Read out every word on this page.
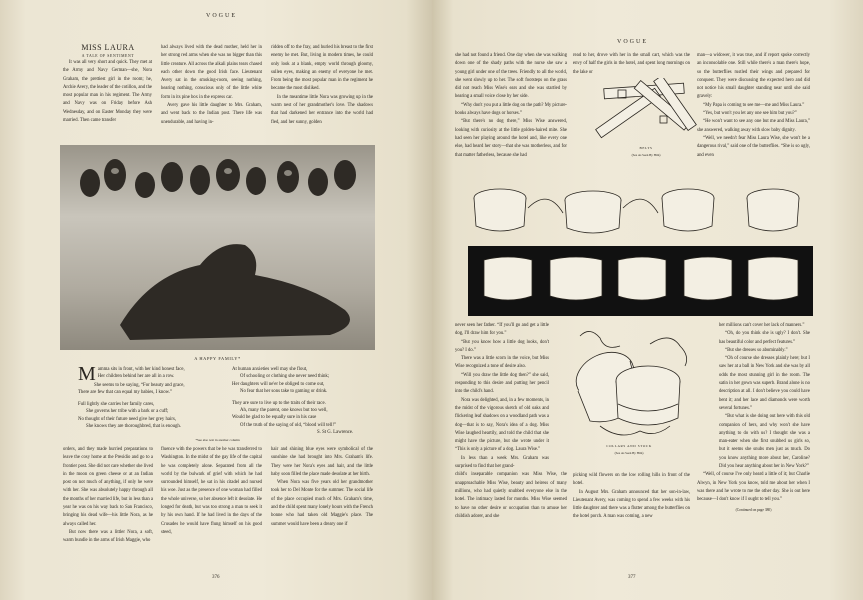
VOGUE
MISS LAURA
A TALE OF SENTIMENT

It was all very short and quick. They met at the Army and Navy German—she, Nora Graham, the prettiest girl in the room; he, Archie Avery, the leader of the cotillon, and the most popular man in his regiment. The Army and Navy was on Friday before Ash Wednesday, and on Easter Monday they were married. Then came transfer

had always lived with the dead mother, held her in her strong red arms when she was no bigger than this little creature. All across the alkali plains tears chased each other down the good Irish face. Lieutenant Avery sat in the smoking-room, seeing nothing, hearing nothing, conscious only of the little white form in its pine box in the express car.

Avery gave his little daughter to Mrs. Graham, and went back to the Indian post. There life was unendurable, and having in-

ridden off to the fray, and hurled his breast to the first enemy he met. But, living in modern times, he could only look at a blank, empty world through gloomy, sullen eyes, making an enemy of everyone he met. From being the most popular man in the regiment he became the most disliked.

In the meantime little Nora was growing up in the warm nest of her grandmother's love. The shadows that had darkened her entrance into the world had fled, and her sunny, golden

A HAPPY FAMILY*
M amma sits in front, with her kind honest face,
Her children behind her are all in a row.
She seems to be saying, “For beauty and grace,
There are few that can equal my babies, I know.”
Full lightly she carries her family cares,
She governs her tribe with a bark or a cuff;
No thought of their future need give her grey hairs,
She knows they are thoroughbred, that is enough.
At human anxieties well may she flout,
Of schooling or clothing she never need think;
Her daughters will ne'er be obliged to come out,
No fear that her sons take to gaming or drink.
They are sure to live up to the traits of their race.
Ah, many the parent, one knows but too well,
Would be glad to be equally sure in his case
Of the truth of the saying of old, “blood will tell!”
S. St G. Lawrence.
*See also text in another column

orders, and they made hurried preparations to leave the cosy home at the Presidio and go to a frontier post. She did not care whether she lived in the moon on green cheese or at an Indian post on not much of anything, if only he were with her. She was absolutely happy through all the months of her married life, but in less than a year he was on his way back to San Francisco, bringing his dead wife—his little Nora, as he always called her.

But now there was a littler Nora, a soft, warm bundle in the arms of Irish Maggie, who

fluence with the powers that be he was transferred to Washington. In the midst of the gay life of the capital he was completely alone. Separated from all the world by the bulwark of grief with which he had surrounded himself, he sat in his citadel and nursed his woe. Just as the presence of one woman had filled the whole universe, so her absence left it desolate. He longed for death, but was too strong a man to seek it by his own hand. If he had lived in the days of the Crusades he would have flung himself on his good steed,

hair and shining blue eyes were symbolical of the sunshine she had brought into Mrs. Graham's life. They were her Nora's eyes and hair, and the little baby soon filled the place made desolate at her birth.

When Nora was five years old her grandmother took her to Del Monte for the summer. The social life of the place occupied much of Mrs. Graham's time, and the child spent many lonely hours with the French bonne who had taken old Maggie's place. The summer would have been a dreary one if

376
VOGUE

she had not found a friend. One day when she was walking down one of the shady paths with the nurse she saw a young girl under one of the trees. Friendly to all the world, she went slowly up to her. The soft footsteps on the grass did not reach Miss Wise's ears and she was startled by hearing a small voice close by her side.

“Why don't you put a little dog on the path? My picture-books always have dogs or horses.”

“But there's no dog there,” Miss Wise answered, looking with curiosity at the little golden-haired mite. She had seen her playing around the hotel and, like every one else, had heard her story—that she was motherless, and for that matter fatherless, because she had

read to her, drove with her in the small cart, which was the envy of half the girls in the hotel, and spent long mornings on the lake or

man—a widower, it was true, and if report spoke correctly an inconsolable one. Still while there's a man there's hope, so the butterflies rustled their wings and prepared for conquest. They were discussing the expected hero and did not notice his small daughter standing near until she said gravely:

“My Papa is coming to see me—me and Miss Laura.”

“Yes, but won't you let any one see him but you?”

“He won't want to see any one but me and Miss Laura,” she answered, walking away with slow baby dignity.

“Well, we needn't fear Miss Laura Wise, she won't be a dangerous rival,” said one of the butterflies. “She is so ugly, and even

BELTS
(See As Seen By Him)

never seen her father. “If you'll go and get a little dog, I'll draw him for you.”

“But you know how a little dog looks, don't you? I do.”

There was a little scorn in the voice, but Miss Wise recognized a tone of desire also.

“Will you draw the little dog then?” she said, responding to this desire and putting her pencil into the child's hand.

Nora was delighted, and, in a few moments, in the midst of the vigorous sketch of old oaks and flickering leaf shadows on a woodland path was a dog—that is to say, Nora's idea of a dog. Miss Wise laughed heartily, and told the child that she might have the picture, but she wrote under it “This is only a picture of a dog. Laura Wise.”

In less than a week Mrs. Graham was surprised to find that her grand-

child's inseparable companion was Miss Wise, the unapproachable Miss Wise, beauty and heiress of many millions, who had quietly snubbed everyone else in the hotel. The intimacy lasted for months. Miss Wise seemed to have no other desire or occupation than to amuse her childish adorer, and she

COLLARS AND STOCK
(See As Seen By Him)

picking wild flowers on the low rolling hills in front of the hotel.

In August Mrs. Graham announced that her son-in-law, Lieutenant Avery, was coming to spend a few weeks with his little daughter and there was a flutter among the butterflies on the hotel porch. A man was coming, a new

her millions can't cover her lack of manners.”

“Oh, do you think she is ugly? I don't. She has beautiful color and perfect features.”

“But she dresses so abominably.”

“Oh of course she dresses plainly here; but I saw her at a ball in New York and she was by all odds the most stunning girl in the room. The satin in her gown was superb. Brand alone is no description at all. I don't believe you could have bent it; and her lace and diamonds were worth several fortunes.”

“But what is she doing out here with this old companion of hers, and why won't she have anything to do with us? I thought she was a man-eater when she first snubbed us girls so, but it seems she snubs men just as much. Do you know anything more about her, Caroline? Did you hear anything about her in New York?”

“Well, of course I've only heard a little of it; but Charlie Alwyn, in New York you know, told me about her when I was there and he wrote to me the other day. She is out here because—I don't know if I ought to tell you.”

(Continued on page 380)
377
